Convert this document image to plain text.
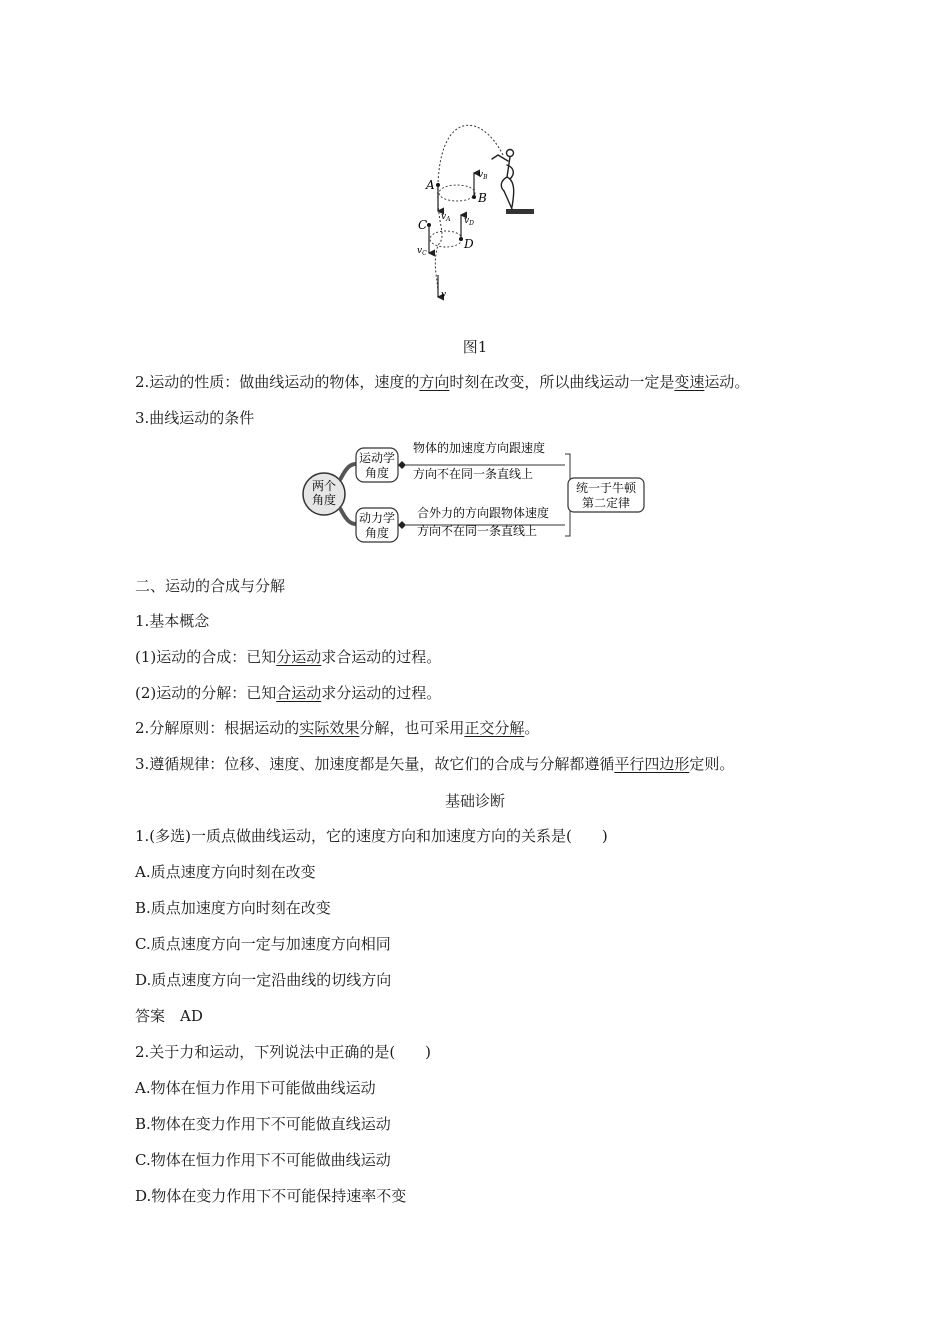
A
B
C
D
$v_B$
$v_A$ $v_D$
$v_C$
v
图1
2.运动的性质：做曲线运动的物体，速度的方向时刻在改变，所以曲线运动一定是变速运动。
3.曲线运动的条件
两个
角度
运动学
角度
动力学
角度
物体的加速度方向跟速度
方向不在同一条直线上
合外力的方向跟物体速度
方向不在同一条直线上
统一于牛顿
第二定律
二、运动的合成与分解
1.基本概念
(1)运动的合成：已知分运动求合运动的过程。
(2)运动的分解：已知合运动求分运动的过程。
2.分解原则：根据运动的实际效果分解，也可采用正交分解。
3.遵循规律：位移、速度、加速度都是矢量，故它们的合成与分解都遵循平行四边形定则。
基础诊断
1.(多选)一质点做曲线运动，它的速度方向和加速度方向的关系是(　　)
A.质点速度方向时刻在改变
B.质点加速度方向时刻在改变
C.质点速度方向一定与加速度方向相同
D.质点速度方向一定沿曲线的切线方向
答案　AD
2.关于力和运动，下列说法中正确的是(　　)
A.物体在恒力作用下可能做曲线运动
B.物体在变力作用下不可能做直线运动
C.物体在恒力作用下不可能做曲线运动
D.物体在变力作用下不可能保持速率不变
